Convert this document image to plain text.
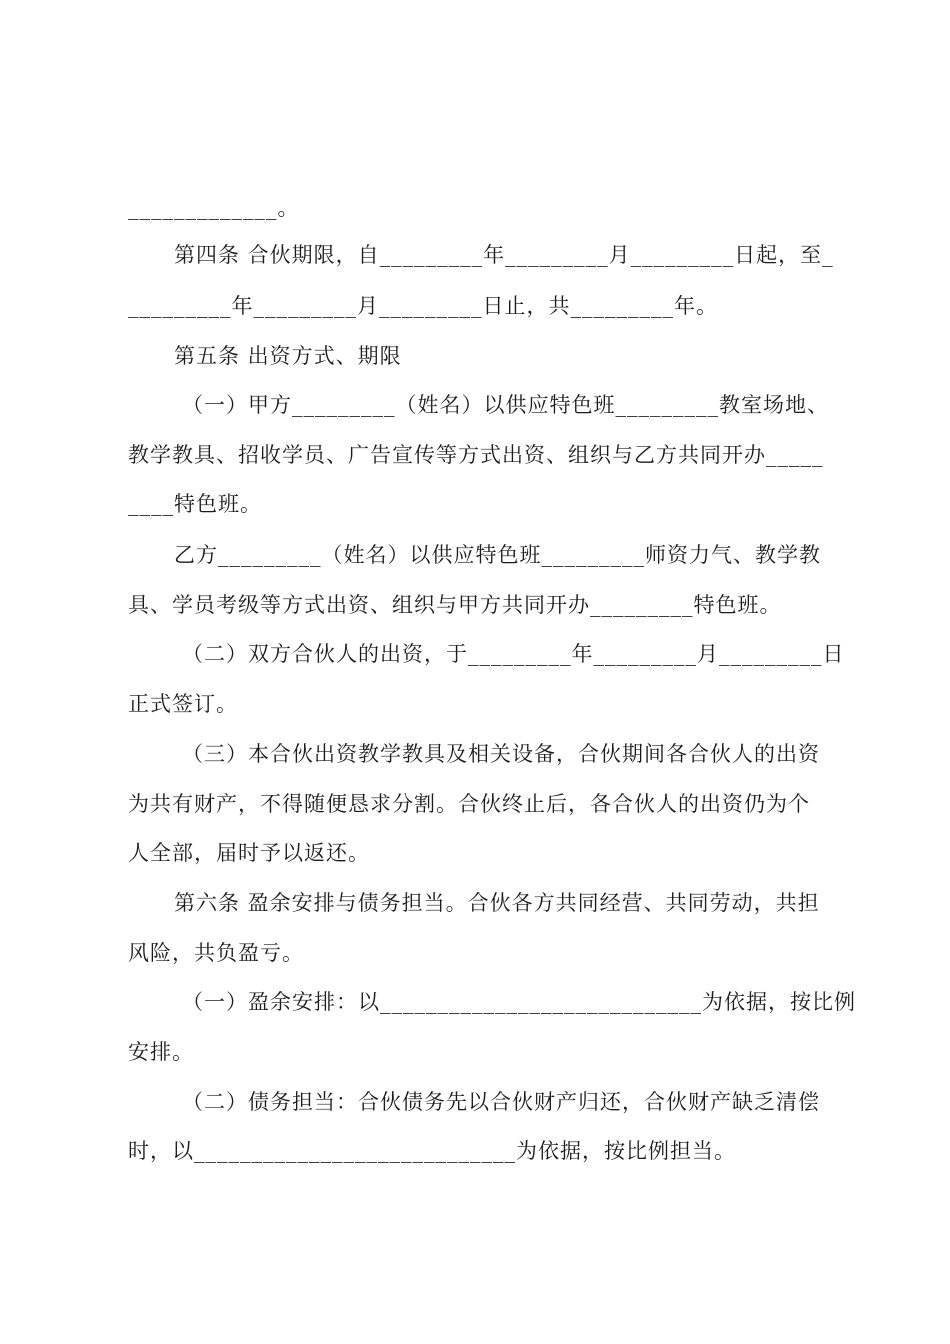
_____________。
第四条 合伙期限，自_________年_________月_________日起，至_
_________年_________月_________日止，共_________年。
第五条 出资方式、期限
（一）甲方_________（姓名）以供应特色班_________教室场地、
教学教具、招收学员、广告宣传等方式出资、组织与乙方共同开办_____
____特色班。
乙方_________（姓名）以供应特色班_________师资力气、教学教
具、学员考级等方式出资、组织与甲方共同开办_________特色班。
（二）双方合伙人的出资，于_________年_________月_________日
正式签订。
（三）本合伙出资教学教具及相关设备，合伙期间各合伙人的出资
为共有财产，不得随便恳求分割。合伙终止后，各合伙人的出资仍为个
人全部，届时予以返还。
第六条 盈余安排与债务担当。合伙各方共同经营、共同劳动，共担
风险，共负盈亏。
（一）盈余安排：以____________________________为依据，按比例
安排。
（二）债务担当：合伙债务先以合伙财产归还，合伙财产缺乏清偿
时，以____________________________为依据，按比例担当。
